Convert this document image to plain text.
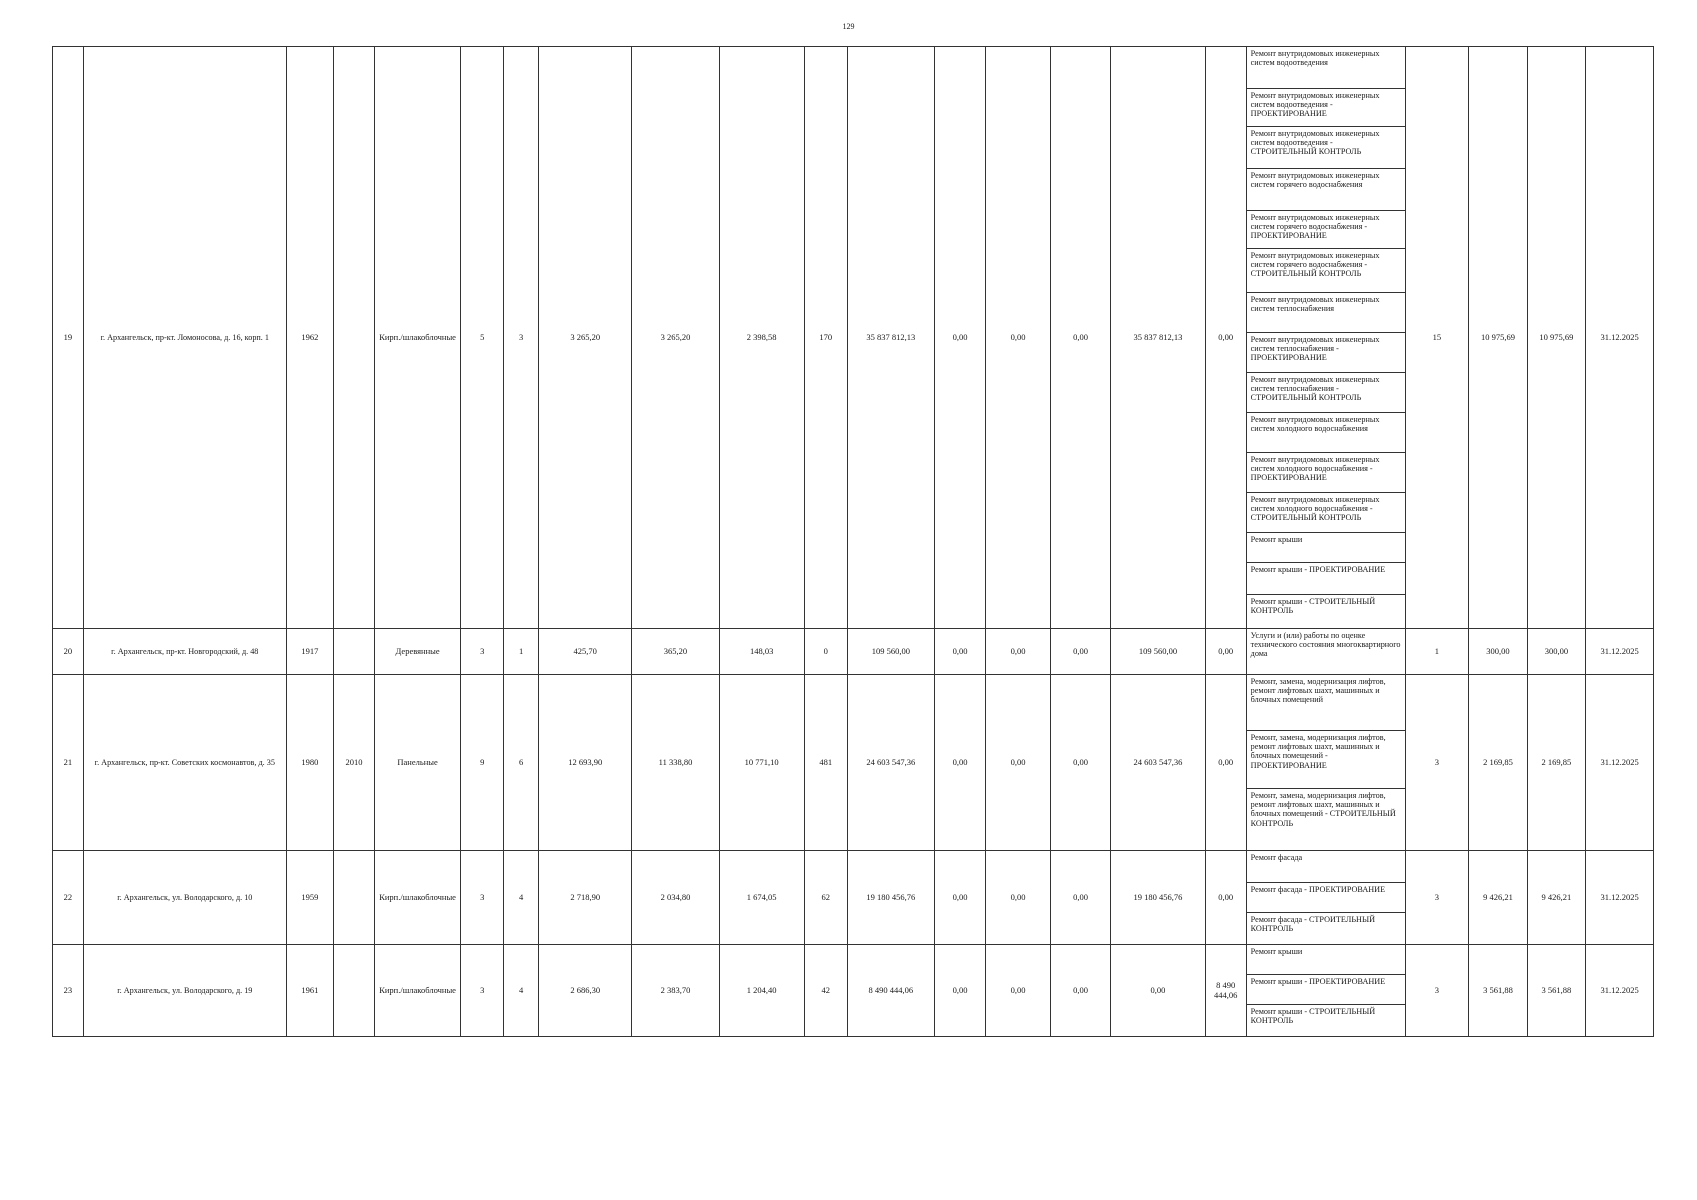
129
19	г. Архангельск, пр-кт. Ломоносова, д. 16, корп. 1	1962		Кирп./шлакоблочные	5	3	3 265,20	3 265,20	2 398,58	170	35 837 812,13	0,00	0,00	0,00	35 837 812,13	0,00	Ремонт внутридомовых инженерных систем водоотведения	15	10 975,69	10 975,69	31.12.2025
																	Ремонт внутридомовых инженерных систем водоотведения - ПРОЕКТИРОВАНИЕ				
																	Ремонт внутридомовых инженерных систем водоотведения - СТРОИТЕЛЬНЫЙ КОНТРОЛЬ				
																	Ремонт внутридомовых инженерных систем горячего водоснабжения				
																	Ремонт внутридомовых инженерных систем горячего водоснабжения - ПРОЕКТИРОВАНИЕ				
																	Ремонт внутридомовых инженерных систем горячего водоснабжения - СТРОИТЕЛЬНЫЙ КОНТРОЛЬ				
																	Ремонт внутридомовых инженерных систем теплоснабжения				
																	Ремонт внутридомовых инженерных систем теплоснабжения - ПРОЕКТИРОВАНИЕ				
																	Ремонт внутридомовых инженерных систем теплоснабжения - СТРОИТЕЛЬНЫЙ КОНТРОЛЬ				
																	Ремонт внутридомовых инженерных систем холодного водоснабжения				
																	Ремонт внутридомовых инженерных систем холодного водоснабжения - ПРОЕКТИРОВАНИЕ				
																	Ремонт внутридомовых инженерных систем холодного водоснабжения - СТРОИТЕЛЬНЫЙ КОНТРОЛЬ				
																	Ремонт крыши				
																	Ремонт крыши - ПРОЕКТИРОВАНИЕ				
																	Ремонт крыши - СТРОИТЕЛЬНЫЙ КОНТРОЛЬ				
20	г. Архангельск, пр-кт. Новгородский, д. 48	1917		Деревянные	3	1	425,70	365,20	148,03	0	109 560,00	0,00	0,00	0,00	109 560,00	0,00	Услуги и (или) работы по оценке технического состояния многоквартирного дома	1	300,00	300,00	31.12.2025
21	г. Архангельск, пр-кт. Советских космонавтов, д. 35	1980	2010	Панельные	9	6	12 693,90	11 338,80	10 771,10	481	24 603 547,36	0,00	0,00	0,00	24 603 547,36	0,00	Ремонт, замена, модернизация лифтов, ремонт лифтовых шахт, машинных и блочных помещений	3	2 169,85	2 169,85	31.12.2025
																	Ремонт, замена, модернизация лифтов, ремонт лифтовых шахт, машинных и блочных помещений - ПРОЕКТИРОВАНИЕ				
																	Ремонт, замена, модернизация лифтов, ремонт лифтовых шахт, машинных и блочных помещений - СТРОИТЕЛЬНЫЙ КОНТРОЛЬ				
22	г. Архангельск, ул. Володарского, д. 10	1959		Кирп./шлакоблочные	3	4	2 718,90	2 034,80	1 674,05	62	19 180 456,76	0,00	0,00	0,00	19 180 456,76	0,00	Ремонт фасада	3	9 426,21	9 426,21	31.12.2025
																	Ремонт фасада - ПРОЕКТИРОВАНИЕ				
																	Ремонт фасада - СТРОИТЕЛЬНЫЙ КОНТРОЛЬ				
23	г. Архангельск, ул. Володарского, д. 19	1961		Кирп./шлакоблочные	3	4	2 686,30	2 383,70	1 204,40	42	8 490 444,06	0,00	0,00	0,00	0,00	8 490 444,06	Ремонт крыши	3	3 561,88	3 561,88	31.12.2025
																	Ремонт крыши - ПРОЕКТИРОВАНИЕ				
																	Ремонт крыши - СТРОИТЕЛЬНЫЙ КОНТРОЛЬ				
